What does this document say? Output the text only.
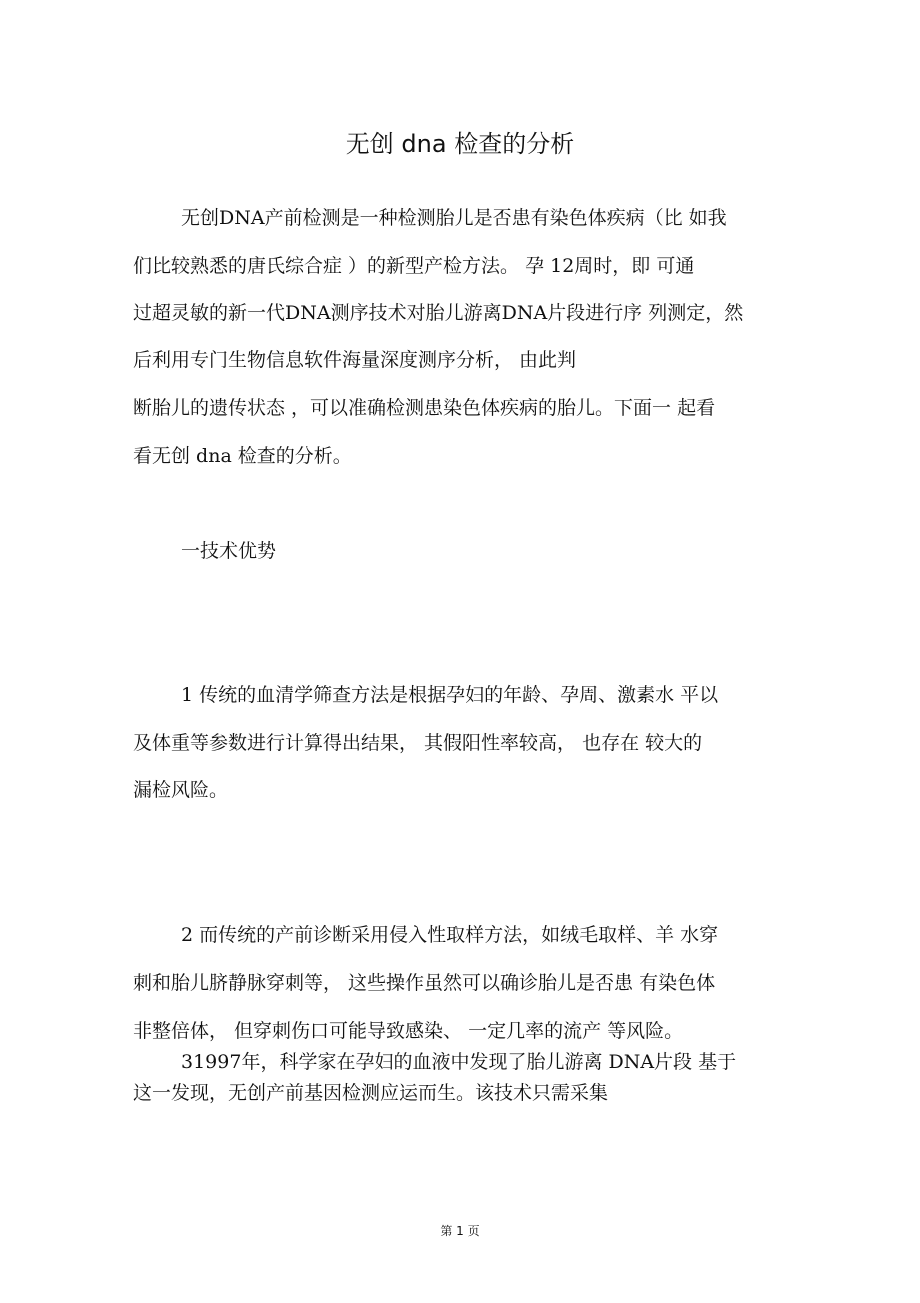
无创 dna 检查的分析
无创DNA产前检测是一种检测胎儿是否患有染色体疾病（比 如我
们比较熟悉的唐氏综合症 ）的新型产检方法。 孕 12周时，即 可通
过超灵敏的新一代DNA测序技术对胎儿游离DNA片段进行序 列测定，然
后利用专门生物信息软件海量深度测序分析， 由此判
断胎儿的遗传状态 ，可以准确检测患染色体疾病的胎儿。下面一 起看
看无创 dna 检查的分析。
一技术优势
1 传统的血清学筛查方法是根据孕妇的年龄、孕周、激素水 平以
及体重等参数进行计算得出结果， 其假阳性率较高， 也存在 较大的
漏检风险。
2 而传统的产前诊断采用侵入性取样方法，如绒毛取样、羊 水穿
刺和胎儿脐静脉穿刺等， 这些操作虽然可以确诊胎儿是否患 有染色体
非整倍体， 但穿刺伤口可能导致感染、 一定几率的流产 等风险。
31997年，科学家在孕妇的血液中发现了胎儿游离 DNA片段 基于
这一发现，无创产前基因检测应运而生。该技术只需采集
第 1 页
